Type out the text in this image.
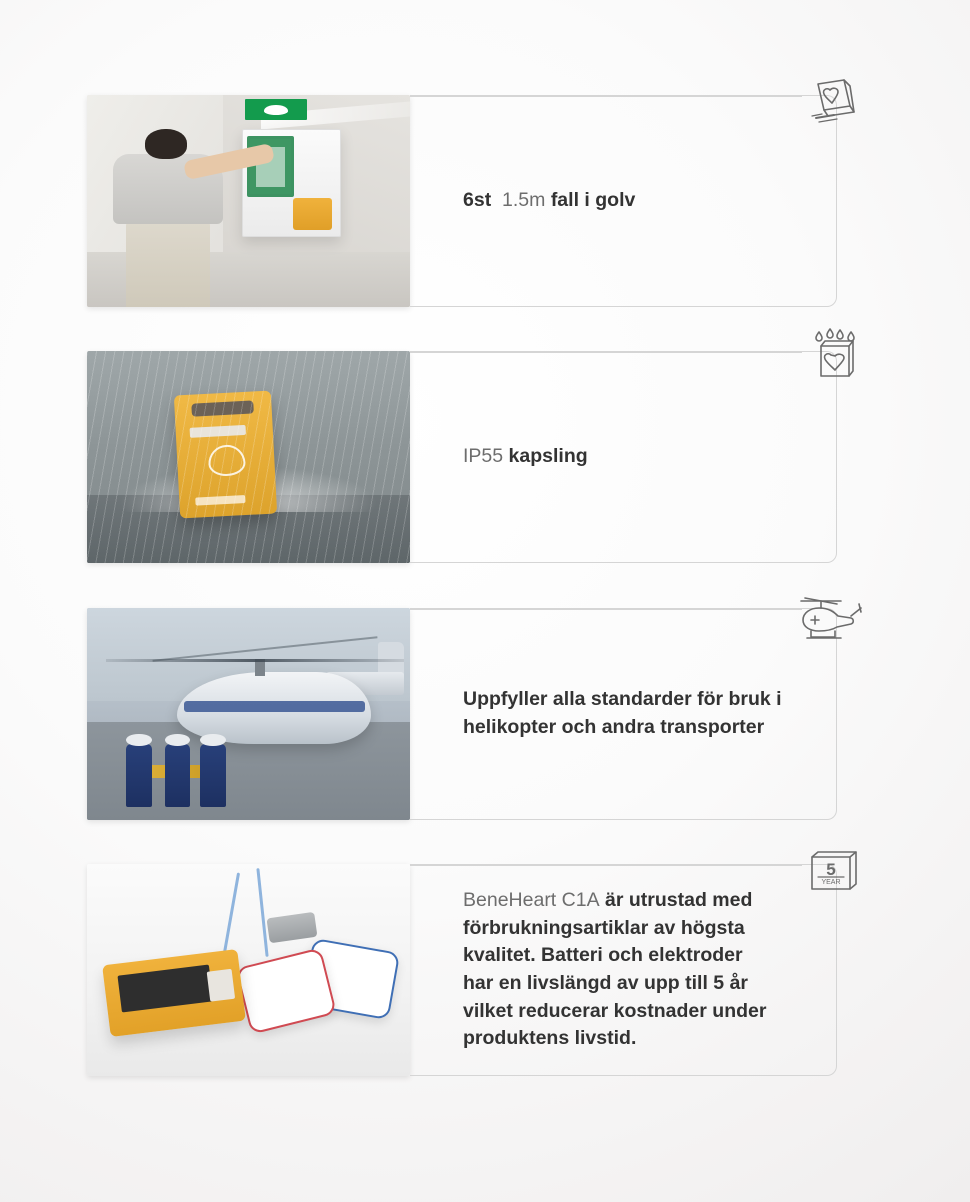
6st 1.5m fall i golv
IP55 kapsling
Uppfyller alla standarder för bruk i helikopter och andra transporter
BeneHeart C1A är utrustad med förbrukningsartiklar av högsta kvalitet. Batteri och elektroder har en livslängd av upp till 5 år vilket reducerar kostnader under produktens livstid.
5
YEAR
